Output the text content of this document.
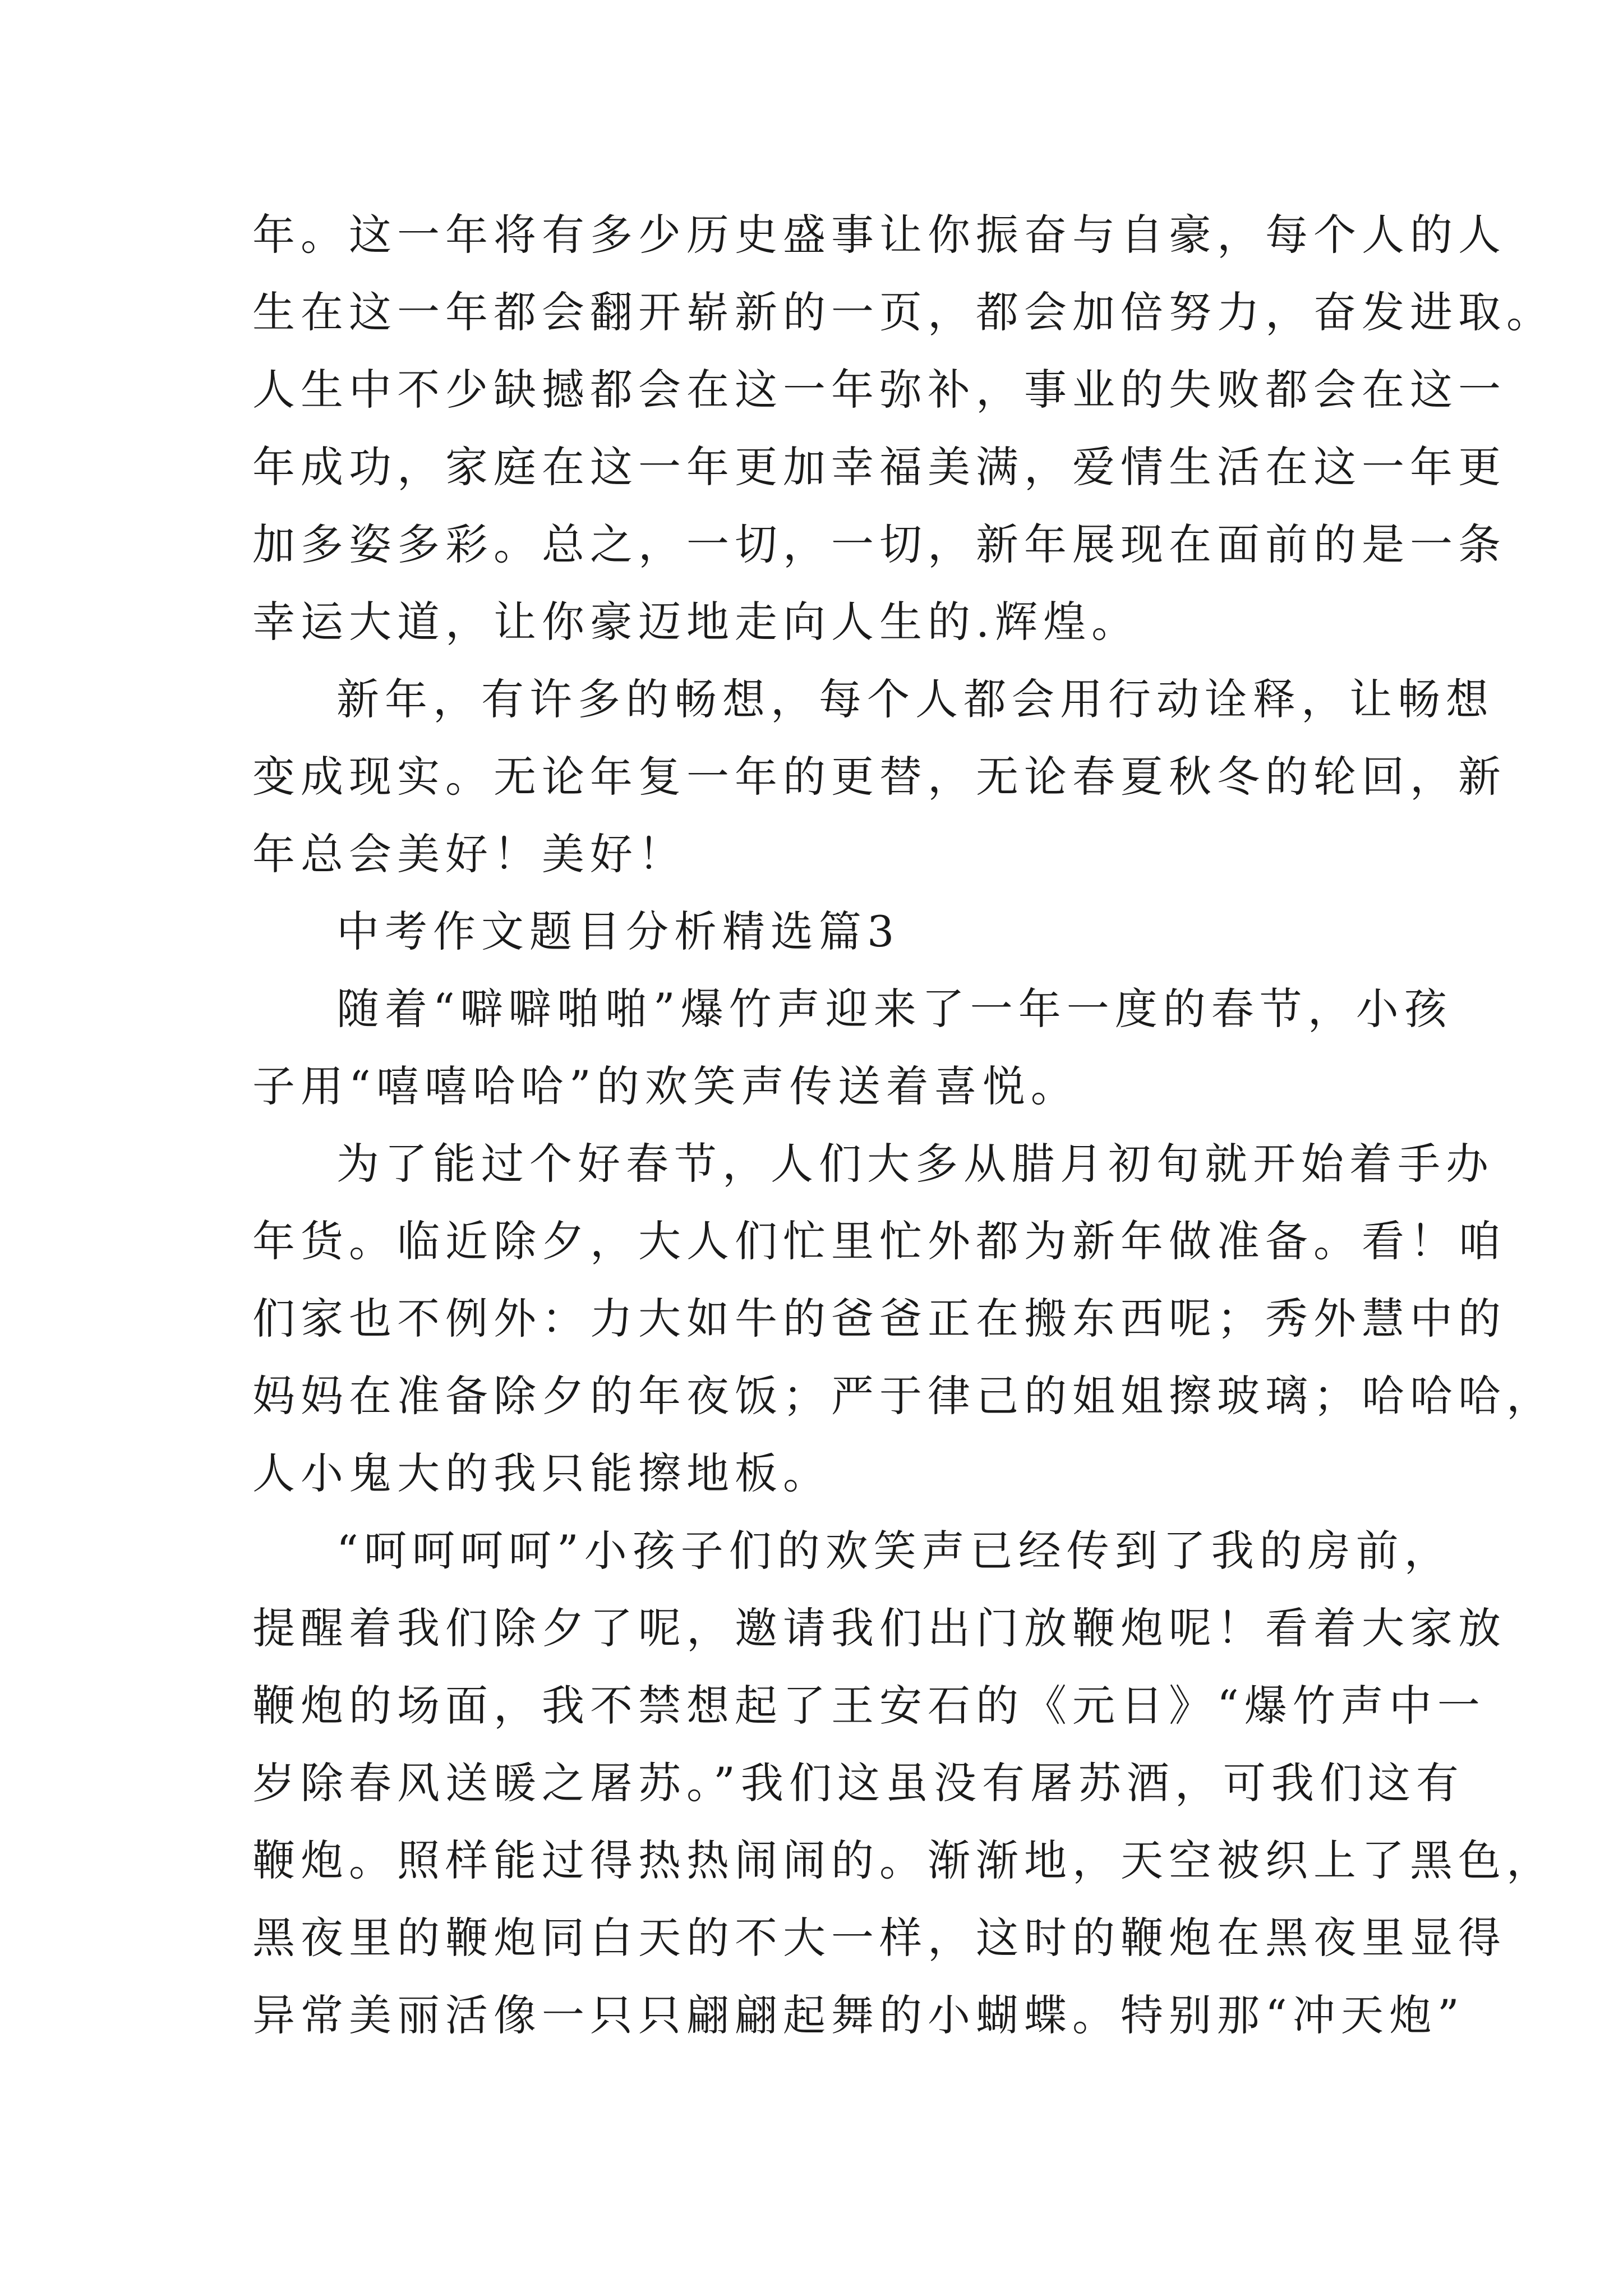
年。这一年将有多少历史盛事让你振奋与自豪，每个人的人
生在这一年都会翻开崭新的一页，都会加倍努力，奋发进取。
人生中不少缺撼都会在这一年弥补，事业的失败都会在这一
年成功，家庭在这一年更加幸福美满，爱情生活在这一年更
加多姿多彩。总之，一切，一切，新年展现在面前的是一条
幸运大道，让你豪迈地走向人生的.辉煌。
新年，有许多的畅想，每个人都会用行动诠释，让畅想
变成现实。无论年复一年的更替，无论春夏秋冬的轮回，新
年总会美好！美好！
中考作文题目分析精选篇3
随着“噼噼啪啪”爆竹声迎来了一年一度的春节，小孩
子用“嘻嘻哈哈”的欢笑声传送着喜悦。
为了能过个好春节，人们大多从腊月初旬就开始着手办
年货。临近除夕，大人们忙里忙外都为新年做准备。看！咱
们家也不例外：力大如牛的爸爸正在搬东西呢；秀外慧中的
妈妈在准备除夕的年夜饭；严于律己的姐姐擦玻璃；哈哈哈，
人小鬼大的我只能擦地板。
“呵呵呵呵”小孩子们的欢笑声已经传到了我的房前，
提醒着我们除夕了呢，邀请我们出门放鞭炮呢！看着大家放
鞭炮的场面，我不禁想起了王安石的《元日》“爆竹声中一
岁除春风送暖之屠苏。”我们这虽没有屠苏酒，可我们这有
鞭炮。照样能过得热热闹闹的。渐渐地，天空被织上了黑色，
黑夜里的鞭炮同白天的不大一样，这时的鞭炮在黑夜里显得
异常美丽活像一只只翩翩起舞的小蝴蝶。特别那“冲天炮”
